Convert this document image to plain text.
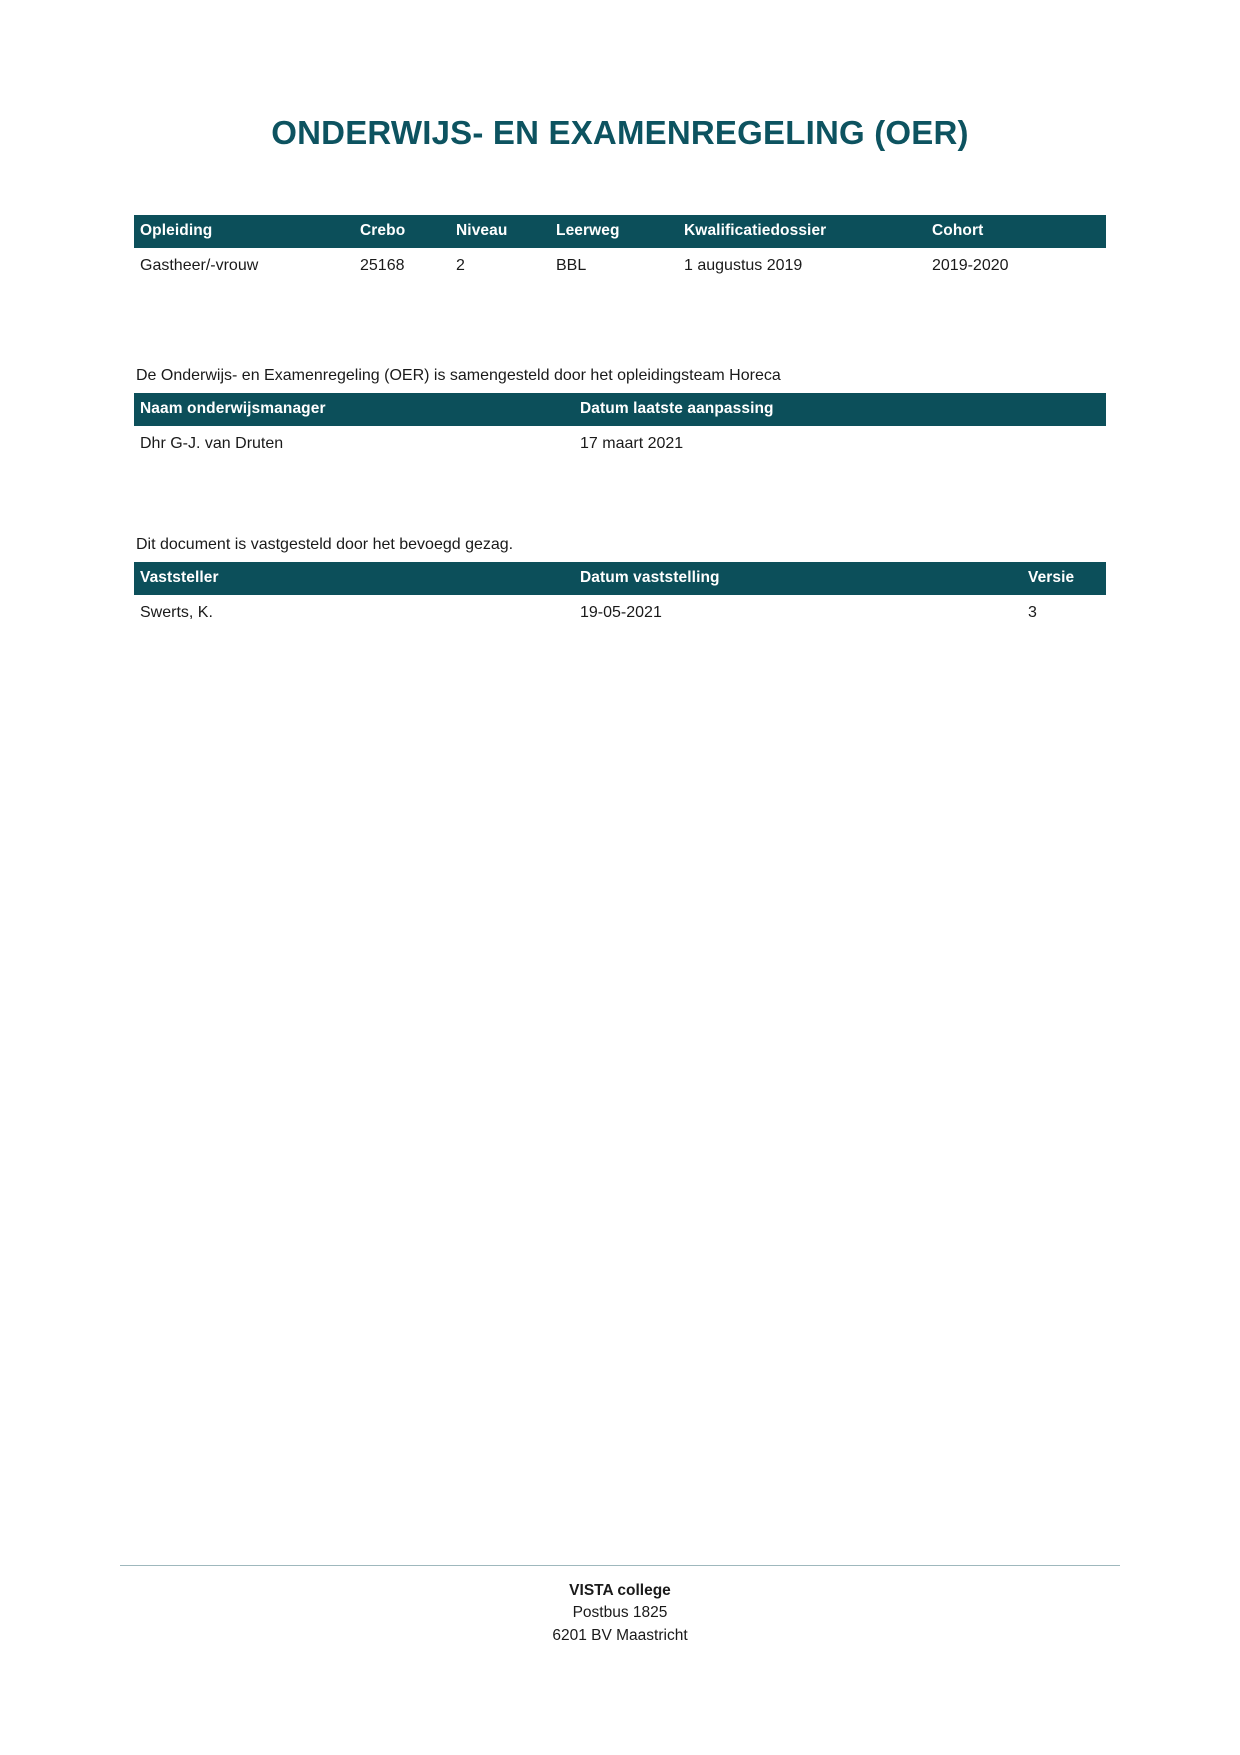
ONDERWIJS- EN EXAMENREGELING (OER)
Opleiding	Crebo	Niveau	Leerweg	Kwalificatiedossier	Cohort
Gastheer/-vrouw	25168	2	BBL	1 augustus 2019	2019-2020

De Onderwijs- en Examenregeling (OER) is samengesteld door het opleidingsteam Horeca

Naam onderwijsmanager	Datum laatste aanpassing
Dhr G-J. van Druten	17 maart 2021

Dit document is vastgesteld door het bevoegd gezag.

Vaststeller	Datum vaststelling	Versie
Swerts, K.	19-05-2021	3
VISTA college
Postbus 1825
6201 BV Maastricht
